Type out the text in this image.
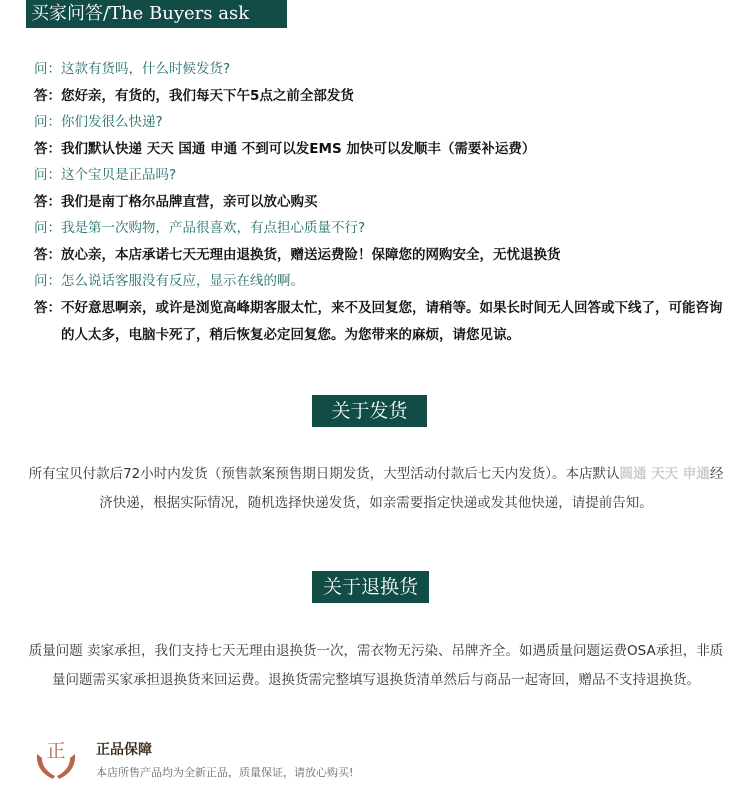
买家问答/The Buyers ask
问：这款有货吗，什么时候发货?
答：您好亲，有货的，我们每天下午5点之前全部发货
问：你们发很么快递?
答：我们默认快递 天天 国通 申通 不到可以发EMS 加快可以发顺丰（需要补运费）
问：这个宝贝是正品吗?
答：我们是南丁格尔品牌直营，亲可以放心购买
问：我是第一次购物，产品很喜欢，有点担心质量不行?
答：放心亲，本店承诺七天无理由退换货，赠送运费险！保障您的网购安全，无忧退换货
问：怎么说话客服没有反应，显示在线的啊。
答： 不好意思啊亲，或许是浏览高峰期客服太忙，来不及回复您，请稍等。如果长时间无人回答或下线了，可能咨询的人太多，电脑卡死了，稍后恢复必定回复您。为您带来的麻烦，请您见谅。
关于发货
所有宝贝付款后72小时内发货（预售款案预售期日期发货，大型活动付款后七天内发货）。本店默认圆通 天天 申通经济快递，根据实际情况，随机选择快递发货，如亲需要指定快递或发其他快递，请提前告知。
关于退换货
质量问题 卖家承担，我们支持七天无理由退换货一次，需衣物无污染、吊牌齐全。如遇质量问题运费OSA承担，非质量问题需买家承担退换货来回运费。退换货需完整填写退换货清单然后与商品一起寄回，赠品不支持退换货。
正 正品保障
本店所售产品均为全新正品，质量保证，请放心购买!
